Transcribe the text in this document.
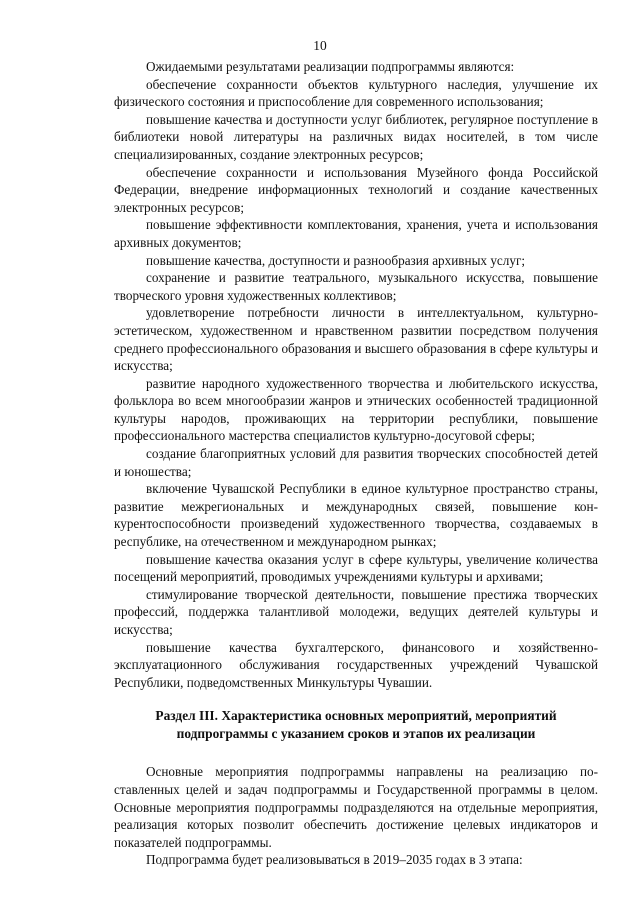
10

Ожидаемыми результатами реализации подпрограммы являются:

обеспечение сохранности объектов культурного наследия, улучшение их физического состояния и приспособление для современного использования;

повышение качества и доступности услуг библиотек, регулярное поступление в библиотеки новой литературы на различных видах носителей, в том числе специализированных, создание электронных ресурсов;

обеспечение сохранности и использования Музейного фонда Российской Федерации, внедрение информационных технологий и создание качественных электронных ресурсов;

повышение эффективности комплектования, хранения, учета и использования архивных документов;

повышение качества, доступности и разнообразия архивных услуг;

сохранение и развитие театрального, музыкального искусства, повышение творческого уровня художественных коллективов;

удовлетворение потребности личности в интеллектуальном, культурно-эстетическом, художественном и нравственном развитии посредством получения среднего профессионального образования и высшего образования в сфере культуры и искусства;

развитие народного художественного творчества и любительского искусства, фольклора во всем многообразии жанров и этнических особенностей традиционной культуры народов, проживающих на территории республики, повышение профессионального мастерства специалистов культурно-досуговой сферы;

создание благоприятных условий для развития творческих способностей детей и юношества;

включение Чувашской Республики в единое культурное пространство страны, развитие межрегиональных и международных связей, повышение конкурентоспособности произведений художественного творчества, создаваемых в республике, на отечественном и международном рынках;

повышение качества оказания услуг в сфере культуры, увеличение количества посещений мероприятий, проводимых учреждениями культуры и архивами;

стимулирование творческой деятельности, повышение престижа творческих профессий, поддержка талантливой молодежи, ведущих деятелей культуры и искусства;

повышение качества бухгалтерского, финансового и хозяйственно-эксплуатационного обслуживания государственных учреждений Чувашской Республики, подведомственных Минкультуры Чувашии.

Раздел III. Характеристика основных мероприятий, мероприятий
подпрограммы с указанием сроков и этапов их реализации

Основные мероприятия подпрограммы направлены на реализацию поставленных целей и задач подпрограммы и Государственной программы в целом. Основные мероприятия подпрограммы подразделяются на отдельные мероприятия, реализация которых позволит обеспечить достижение целевых индикаторов и показателей подпрограммы.

Подпрограмма будет реализовываться в 2019–2035 годах в 3 этапа:
